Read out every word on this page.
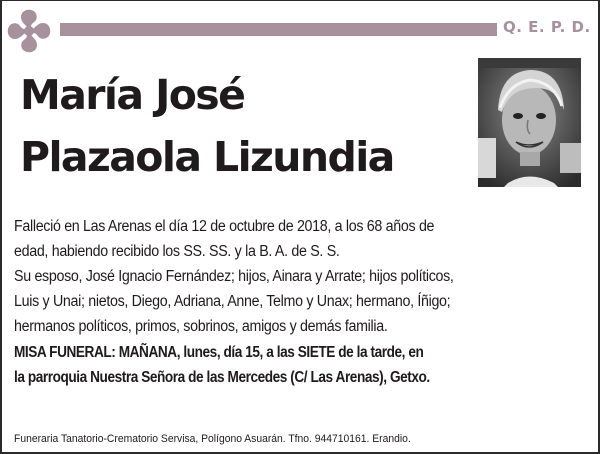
Q. E. P. D.
María José
Plazaola Lizundia
Falleció en Las Arenas el día 12 de octubre de 2018, a los 68 años de
edad, habiendo recibido los SS. SS. y la B. A. de S. S.
Su esposo, José Ignacio Fernández; hijos, Ainara y Arrate; hijos políticos,
Luis y Unai; nietos, Diego, Adriana, Anne, Telmo y Unax; hermano, Íñigo;
hermanos políticos, primos, sobrinos, amigos y demás familia.
MISA FUNERAL: MAÑANA, lunes, día 15, a las SIETE de la tarde, en
la parroquia Nuestra Señora de las Mercedes (C/ Las Arenas), Getxo.
Funeraria Tanatorio-Crematorio Servisa, Polígono Asuarán. Tfno. 944710161. Erandio.
